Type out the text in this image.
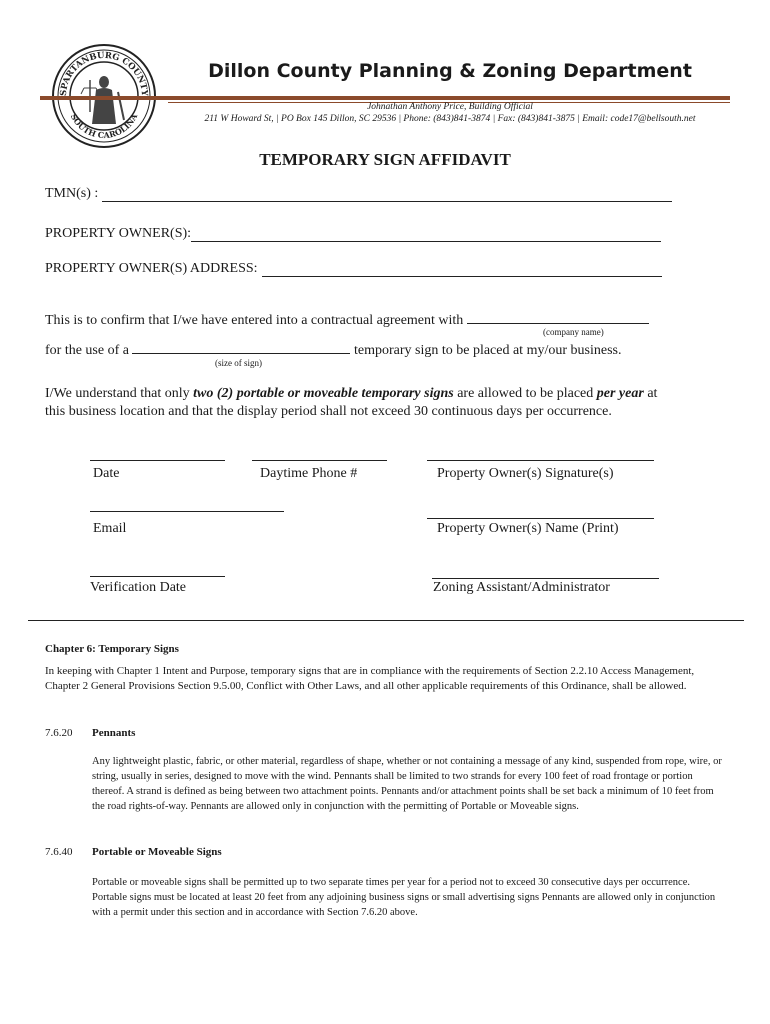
SPARTANBURG COUNTY
SOUTH CAROLINA
Dillon County Planning & Zoning Department
Johnathan Anthony Price, Building Official
211 W Howard St, | PO Box 145 Dillon, SC 29536 | Phone: (843)841-3874 | Fax: (843)841-3875 | Email: code17@bellsouth.net
TEMPORARY SIGN AFFIDAVIT
TMN(s) :
PROPERTY OWNER(S):
PROPERTY OWNER(S) ADDRESS:
This is to confirm that I/we have entered into a contractual agreement with
(company name)
for the use of a	temporary sign to be placed at my/our business.
(size of sign)
I/We understand that only two (2) portable or moveable temporary signs are allowed to be placed per year at
this business location and that the display period shall not exceed 30 continuous days per occurrence.
Date	Daytime Phone #	Property Owner(s) Signature(s)
Email	Property Owner(s) Name (Print)
Verification Date	Zoning Assistant/Administrator
Chapter 6: Temporary Signs
In keeping with Chapter 1 Intent and Purpose, temporary signs that are in compliance with the requirements of Section 2.2.10 Access Management, Chapter 2 General Provisions Section 9.5.00, Conflict with Other Laws, and all other applicable requirements of this Ordinance, shall be allowed.
7.6.20 Pennants
Any lightweight plastic, fabric, or other material, regardless of shape, whether or not containing a message of any kind, suspended from rope, wire, or string, usually in series, designed to move with the wind. Pennants shall be limited to two strands for every 100 feet of road frontage or portion thereof. A strand is defined as being between two attachment points. Pennants and/or attachment points shall be set back a minimum of 10 feet from the road rights-of-way. Pennants are allowed only in conjunction with the permitting of Portable or Moveable signs.
7.6.40 Portable or Moveable Signs
Portable or moveable signs shall be permitted up to two separate times per year for a period not to exceed 30 consecutive days per occurrence. Portable signs must be located at least 20 feet from any adjoining business signs or small advertising signs Pennants are allowed only in conjunction with a permit under this section and in accordance with Section 7.6.20 above.
